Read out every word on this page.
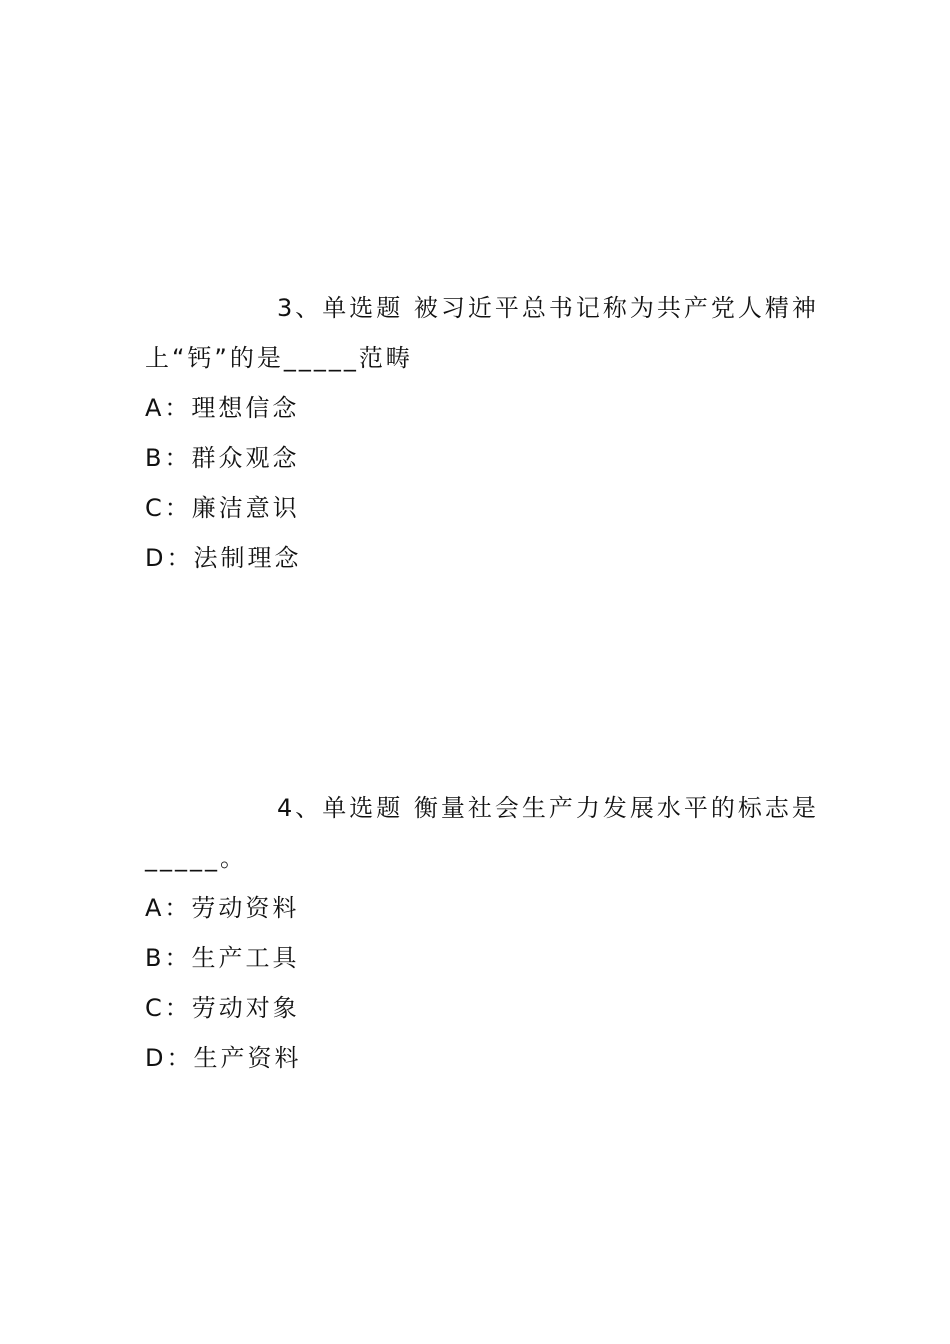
3、单选题 被习近平总书记称为共产党人精神
上“钙”的是_____范畴
A：理想信念
B：群众观念
C：廉洁意识
D：法制理念
4、单选题 衡量社会生产力发展水平的标志是
_____。
A：劳动资料
B：生产工具
C：劳动对象
D：生产资料
